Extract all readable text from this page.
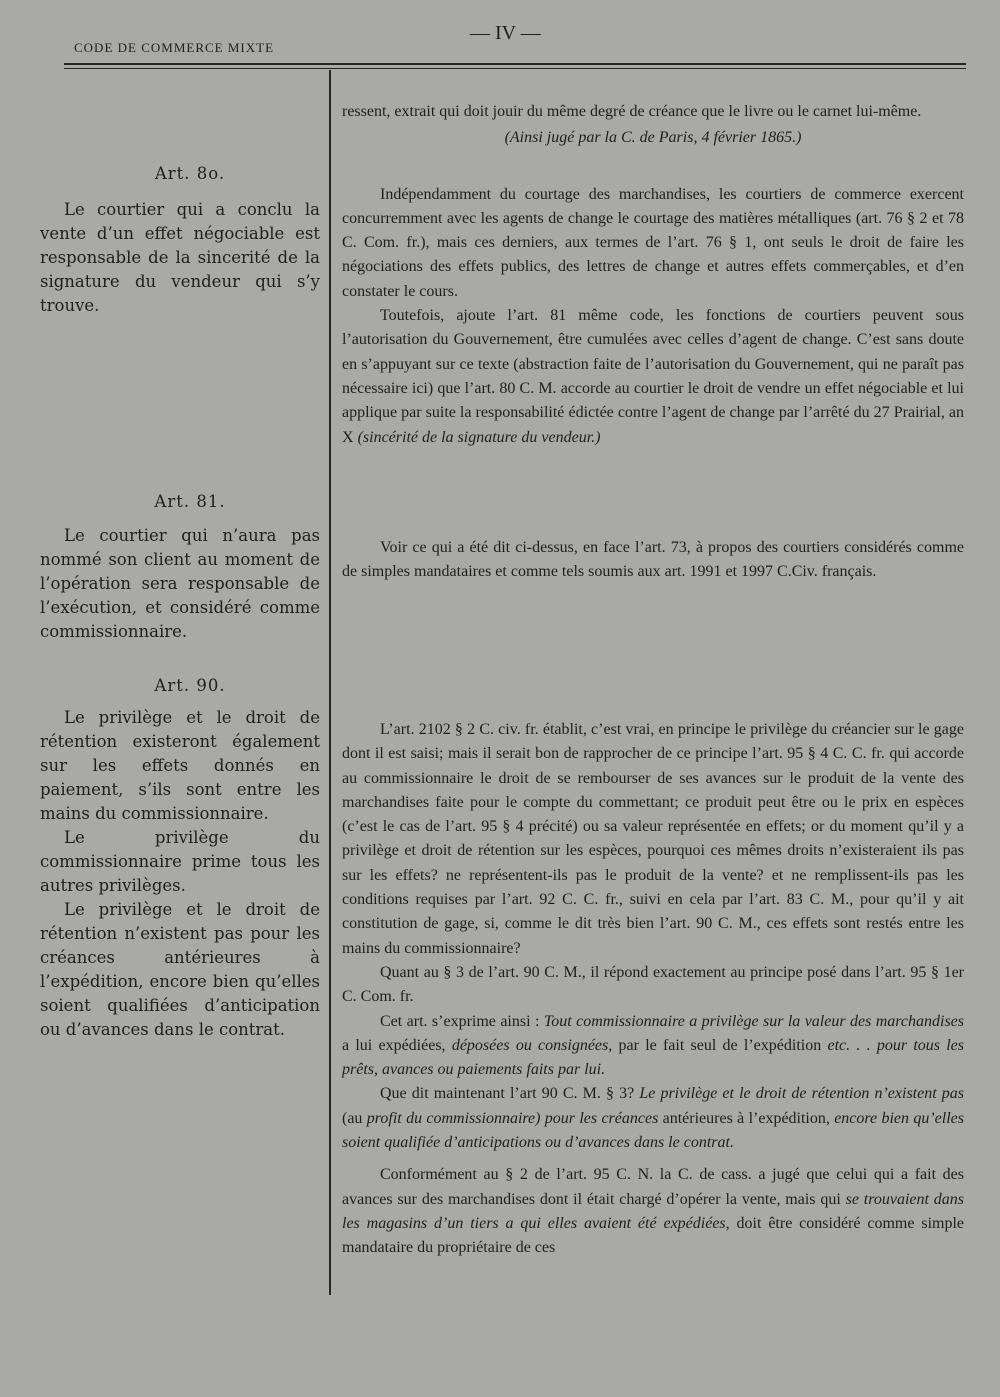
CODE DE COMMERCE MIXTE
— IV —
Art. 8o.

Le courtier qui a conclu la vente d’un effet négociable est responsable de la sincerité de la signature du vendeur qui s’y trouve.

Art. 81.

Le courtier qui n’aura pas nommé son client au moment de l’opération sera responsable de l’exécution, et considéré comme commissionnaire.

Art. 90.

Le privilège et le droit de rétention existeront également sur les effets donnés en paiement, s’ils sont entre les mains du commissionnaire.

Le privilège du commissionnaire prime tous les autres privilèges.

Le privilège et le droit de rétention n’existent pas pour les créances antérieures à l’expédition, encore bien qu’elles soient qualifiées d’anticipation ou d’avances dans le contrat.

ressent, extrait qui doit jouir du même degré de créance que le livre ou le carnet lui-même.

(Ainsi jugé par la C. de Paris, 4 février 1865.)

Indépendamment du courtage des marchandises, les courtiers de commerce exercent concurremment avec les agents de change le courtage des matières métalliques (art. 76 § 2 et 78 C. Com. fr.), mais ces derniers, aux termes de l’art. 76 § 1, ont seuls le droit de faire les négociations des effets publics, des lettres de change et autres effets commerçables, et d’en constater le cours.

Toutefois, ajoute l’art. 81 même code, les fonctions de courtiers peuvent sous l’autorisation du Gouvernement, être cumulées avec celles d’agent de change. C’est sans doute en s’appuyant sur ce texte (abstraction faite de l’autorisation du Gouvernement, qui ne paraît pas nécessaire ici) que l’art. 80 C. M. accorde au courtier le droit de vendre un effet négociable et lui applique par suite la responsabilité édictée contre l’agent de change par l’arrêté du 27 Prairial, an X (sincérité de la signature du vendeur.)

Voir ce qui a été dit ci-dessus, en face l’art. 73, à propos des courtiers considérés comme de simples mandataires et comme tels soumis aux art. 1991 et 1997 C.Civ. français.

L’art. 2102 § 2 C. civ. fr. établit, c’est vrai, en principe le privilège du créancier sur le gage dont il est saisi; mais il serait bon de rapprocher de ce principe l’art. 95 § 4 C. C. fr. qui accorde au commissionnaire le droit de se rembourser de ses avances sur le produit de la vente des marchandises faite pour le compte du commettant; ce produit peut être ou le prix en espèces (c’est le cas de l’art. 95 § 4 précité) ou sa valeur représentée en effets; or du moment qu’il y a privilège et droit de rétention sur les espèces, pourquoi ces mêmes droits n’existeraient ils pas sur les effets? ne représentent-ils pas le produit de la vente? et ne remplissent-ils pas les conditions requises par l’art. 92 C. C. fr., suivi en cela par l’art. 83 C. M., pour qu’il y ait constitution de gage, si, comme le dit très bien l’art. 90 C. M., ces effets sont restés entre les mains du commissionnaire?

Quant au § 3 de l’art. 90 C. M., il répond exactement au principe posé dans l’art. 95 § 1er C. Com. fr.

Cet art. s’exprime ainsi : Tout commissionnaire a privilège sur la valeur des marchandises a lui expédiées, déposées ou consignées, par le fait seul de l’expédition etc. . . pour tous les prêts, avances ou paiements faits par lui.

Que dit maintenant l’art 90 C. M. § 3? Le privilège et le droit de rétention n’existent pas (au profit du commissionnaire) pour les créances antérieures à l’expédition, encore bien qu’elles soient qualifiée d’anticipations ou d’avances dans le contrat.

Conformément au § 2 de l’art. 95 C. N. la C. de cass. a jugé que celui qui a fait des avances sur des marchandises dont il était chargé d’opérer la vente, mais qui se trouvaient dans les magasins d’un tiers a qui elles avaient été expédiées, doit être considéré comme simple mandataire du propriétaire de ces
